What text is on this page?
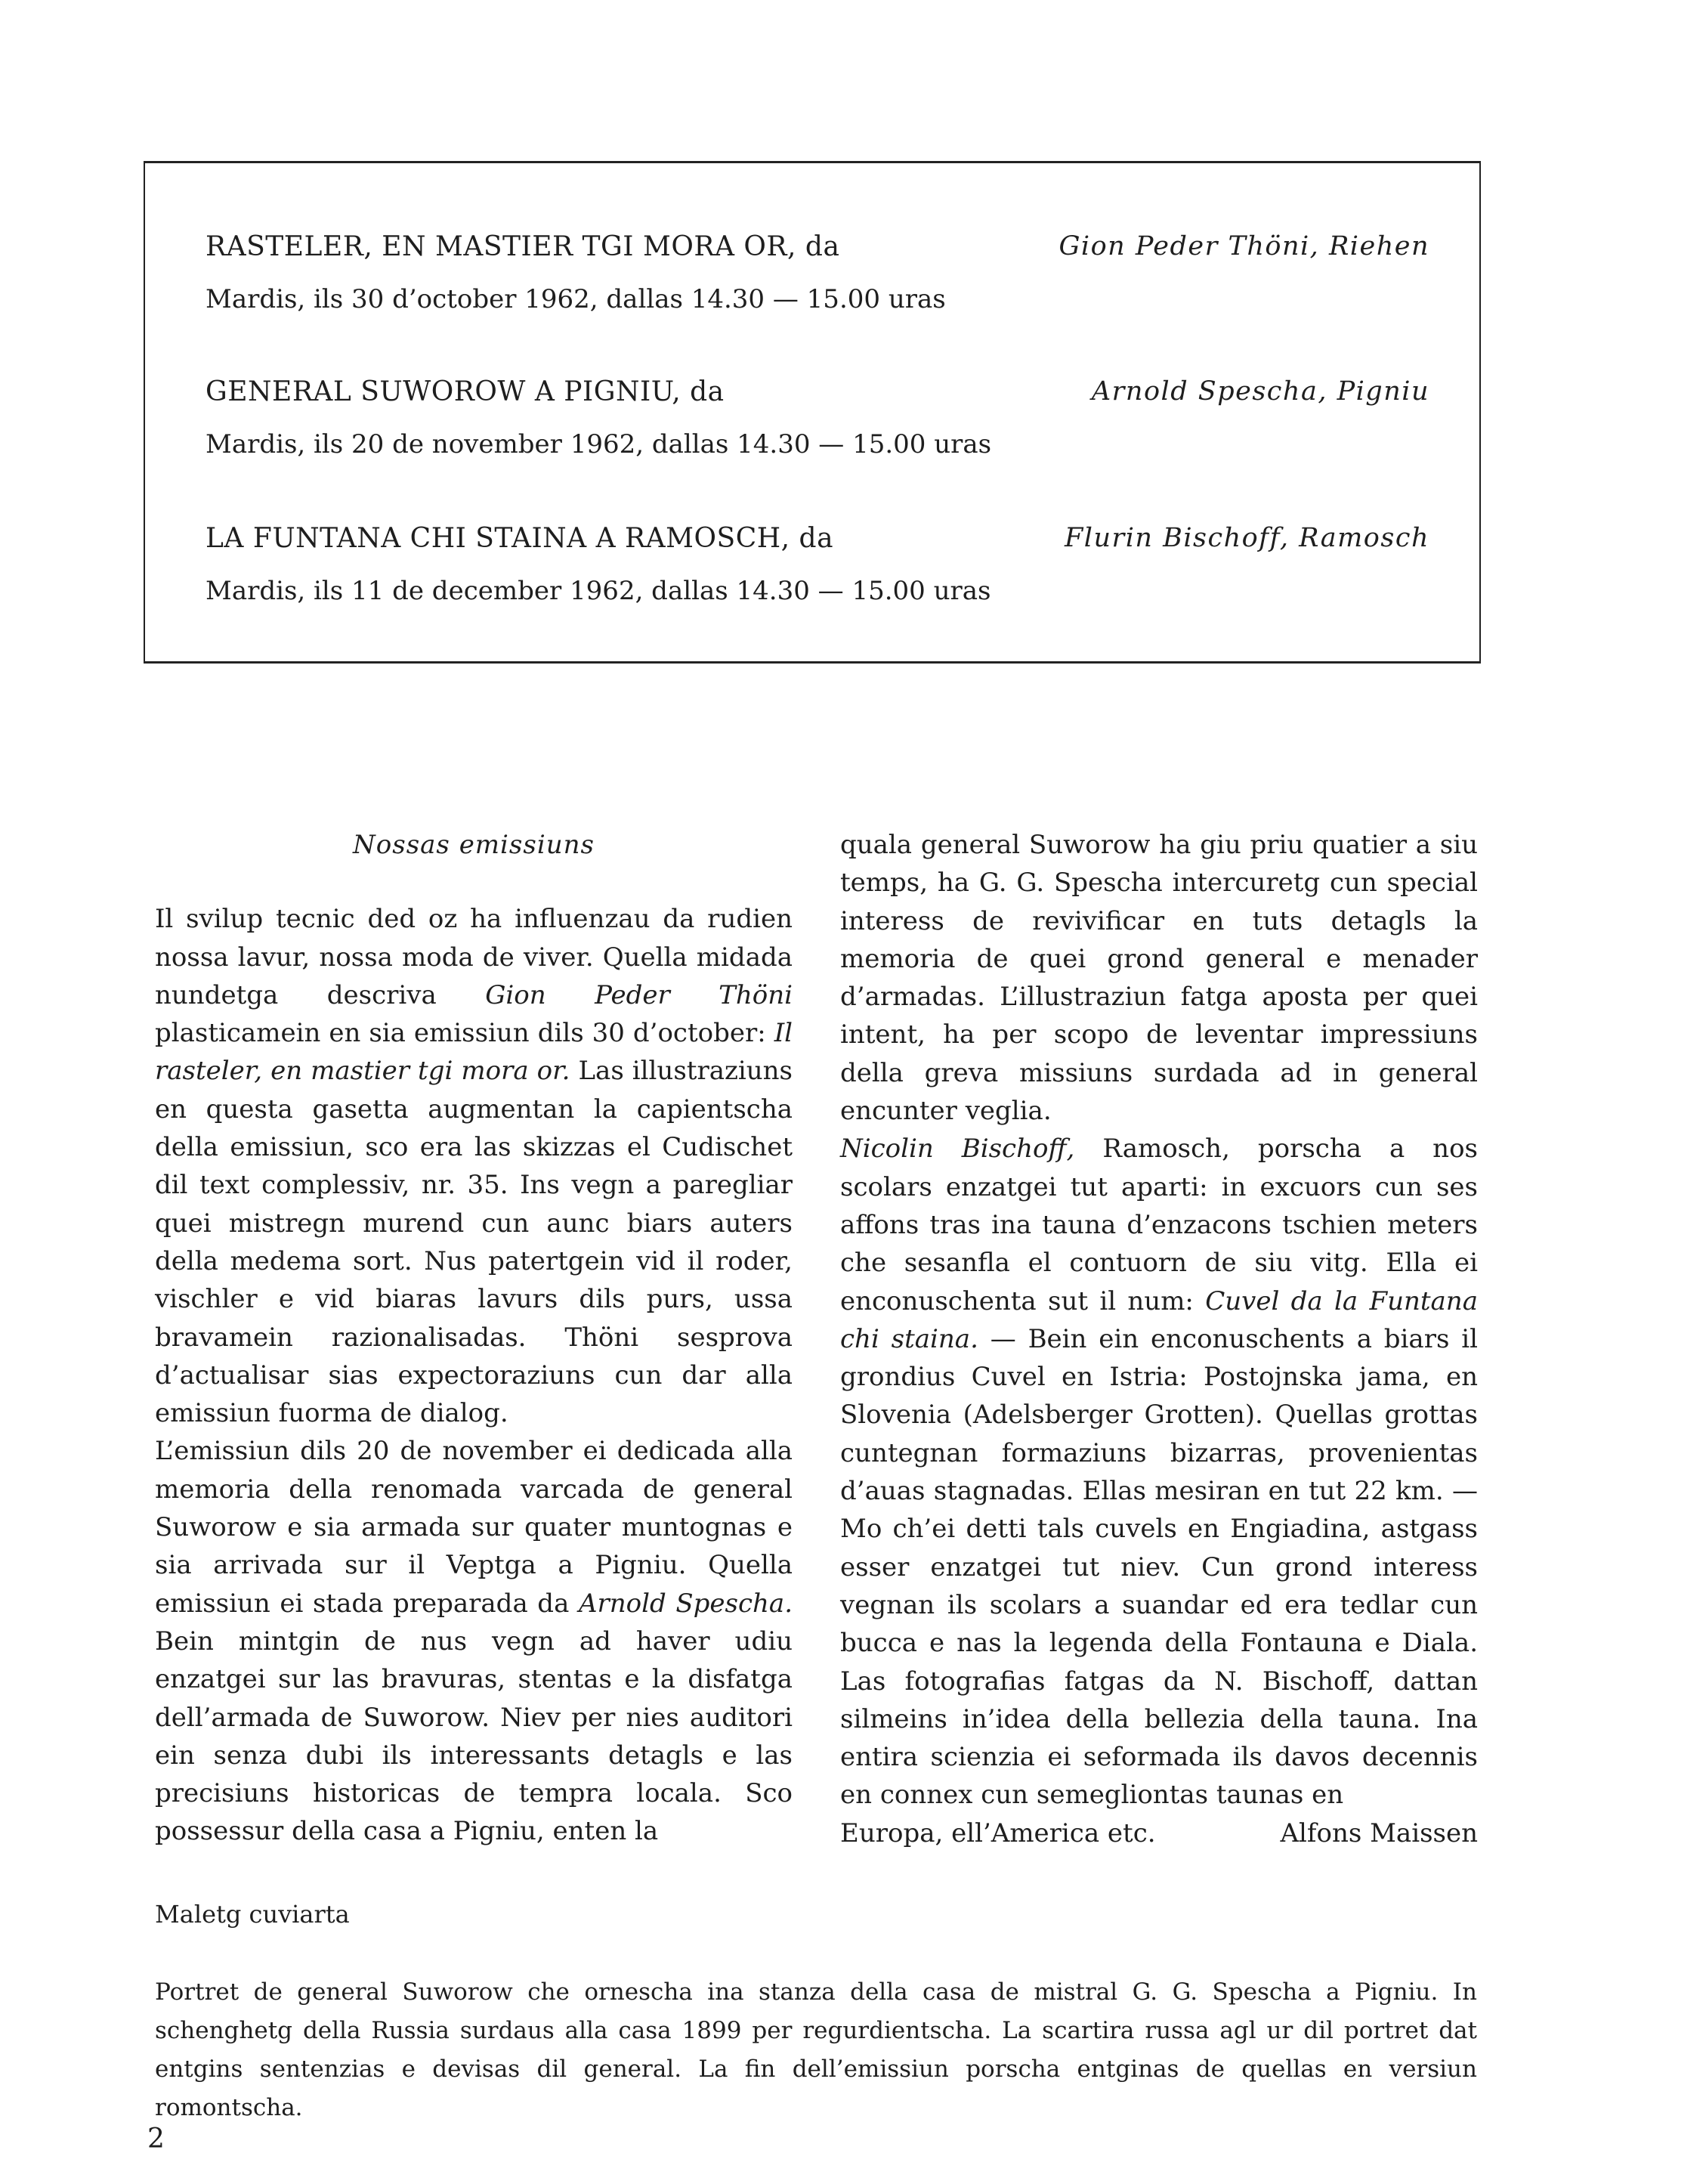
RASTELER, EN MASTIER TGI MORA OR, da	Gion Peder Thöni, Riehen
Mardis, ils 30 d’october 1962, dallas 14.30 — 15.00 uras
GENERAL SUWOROW A PIGNIU, da	Arnold Spescha, Pigniu
Mardis, ils 20 de november 1962, dallas 14.30 — 15.00 uras
LA FUNTANA CHI STAINA A RAMOSCH, da	Flurin Bischoff, Ramosch
Mardis, ils 11 de december 1962, dallas 14.30 — 15.00 uras

Nossas emissiuns

Il svilup tecnic ded oz ha influenzau da rudien nossa lavur, nossa moda de viver. Quella midada nundetga descriva Gion Peder Thöni plasticamein en sia emissiun dils 30 d’october: Il rasteler, en mastier tgi mora or. Las illustraziuns en questa gasetta augmentan la capientscha della emissiun, sco era las skizzas el Cudischet dil text complessiv, nr. 35. Ins vegn a paregliar quei mistregn murend cun aunc biars auters della medema sort. Nus patertgein vid il roder, vischler e vid biaras lavurs dils purs, ussa bravamein razionalisadas. Thöni sesprova d’actualisar sias expectoraziuns cun dar alla emissiun fuorma de dialog.

L’emissiun dils 20 de november ei dedicada alla memoria della renomada varcada de general Suworow e sia armada sur quater muntognas e sia arrivada sur il Veptga a Pigniu. Quella emissiun ei stada preparada da Arnold Spescha. Bein mintgin de nus vegn ad haver udiu enzatgei sur las bravuras, stentas e la disfatga dell’armada de Suworow. Niev per nies auditori ein senza dubi ils interessants detagls e las precisiuns historicas de tempra locala. Sco possessur della casa a Pigniu, enten la

quala general Suworow ha giu priu quatier a siu temps, ha G. G. Spescha intercuretg cun special interess de revivificar en tuts detagls la memoria de quei grond general e menader d’armadas. L’illustraziun fatga aposta per quei intent, ha per scopo de leventar impressiuns della greva missiuns surdada ad in general encunter veglia.

Nicolin Bischoff, Ramosch, porscha a nos scolars enzatgei tut aparti: in excuors cun ses affons tras ina tauna d’enzacons tschien meters che sesanfla el contuorn de siu vitg. Ella ei enconuschenta sut il num: Cuvel da la Funtana chi staina. — Bein ein enconuschents a biars il grondius Cuvel en Istria: Postojnska jama, en Slovenia (Adelsberger Grotten). Quellas grottas cuntegnan formaziuns bizarras, provenientas d’auas stagnadas. Ellas mesiran en tut 22 km. — Mo ch’ei detti tals cuvels en Engiadina, astgass esser enzatgei tut niev. Cun grond interess vegnan ils scolars a suandar ed era tedlar cun bucca e nas la legenda della Fontauna e Diala. Las fotografias fatgas da N. Bischoff, dattan silmeins in’idea della bellezia della tauna. Ina entira scienzia ei seformada ils davos decennis en connex cun semegliontas taunas en

Europa, ell’America etc.	Alfons Maissen

Maletg cuviarta

Portret de general Suworow che ornescha ina stanza della casa de mistral G. G. Spescha a Pigniu. In schenghetg della Russia surdaus alla casa 1899 per regurdientscha. La scartira russa agl ur dil portret dat entgins sentenzias e devisas dil general. La fin dell’emissiun porscha entginas de quellas en versiun romontscha.

2
